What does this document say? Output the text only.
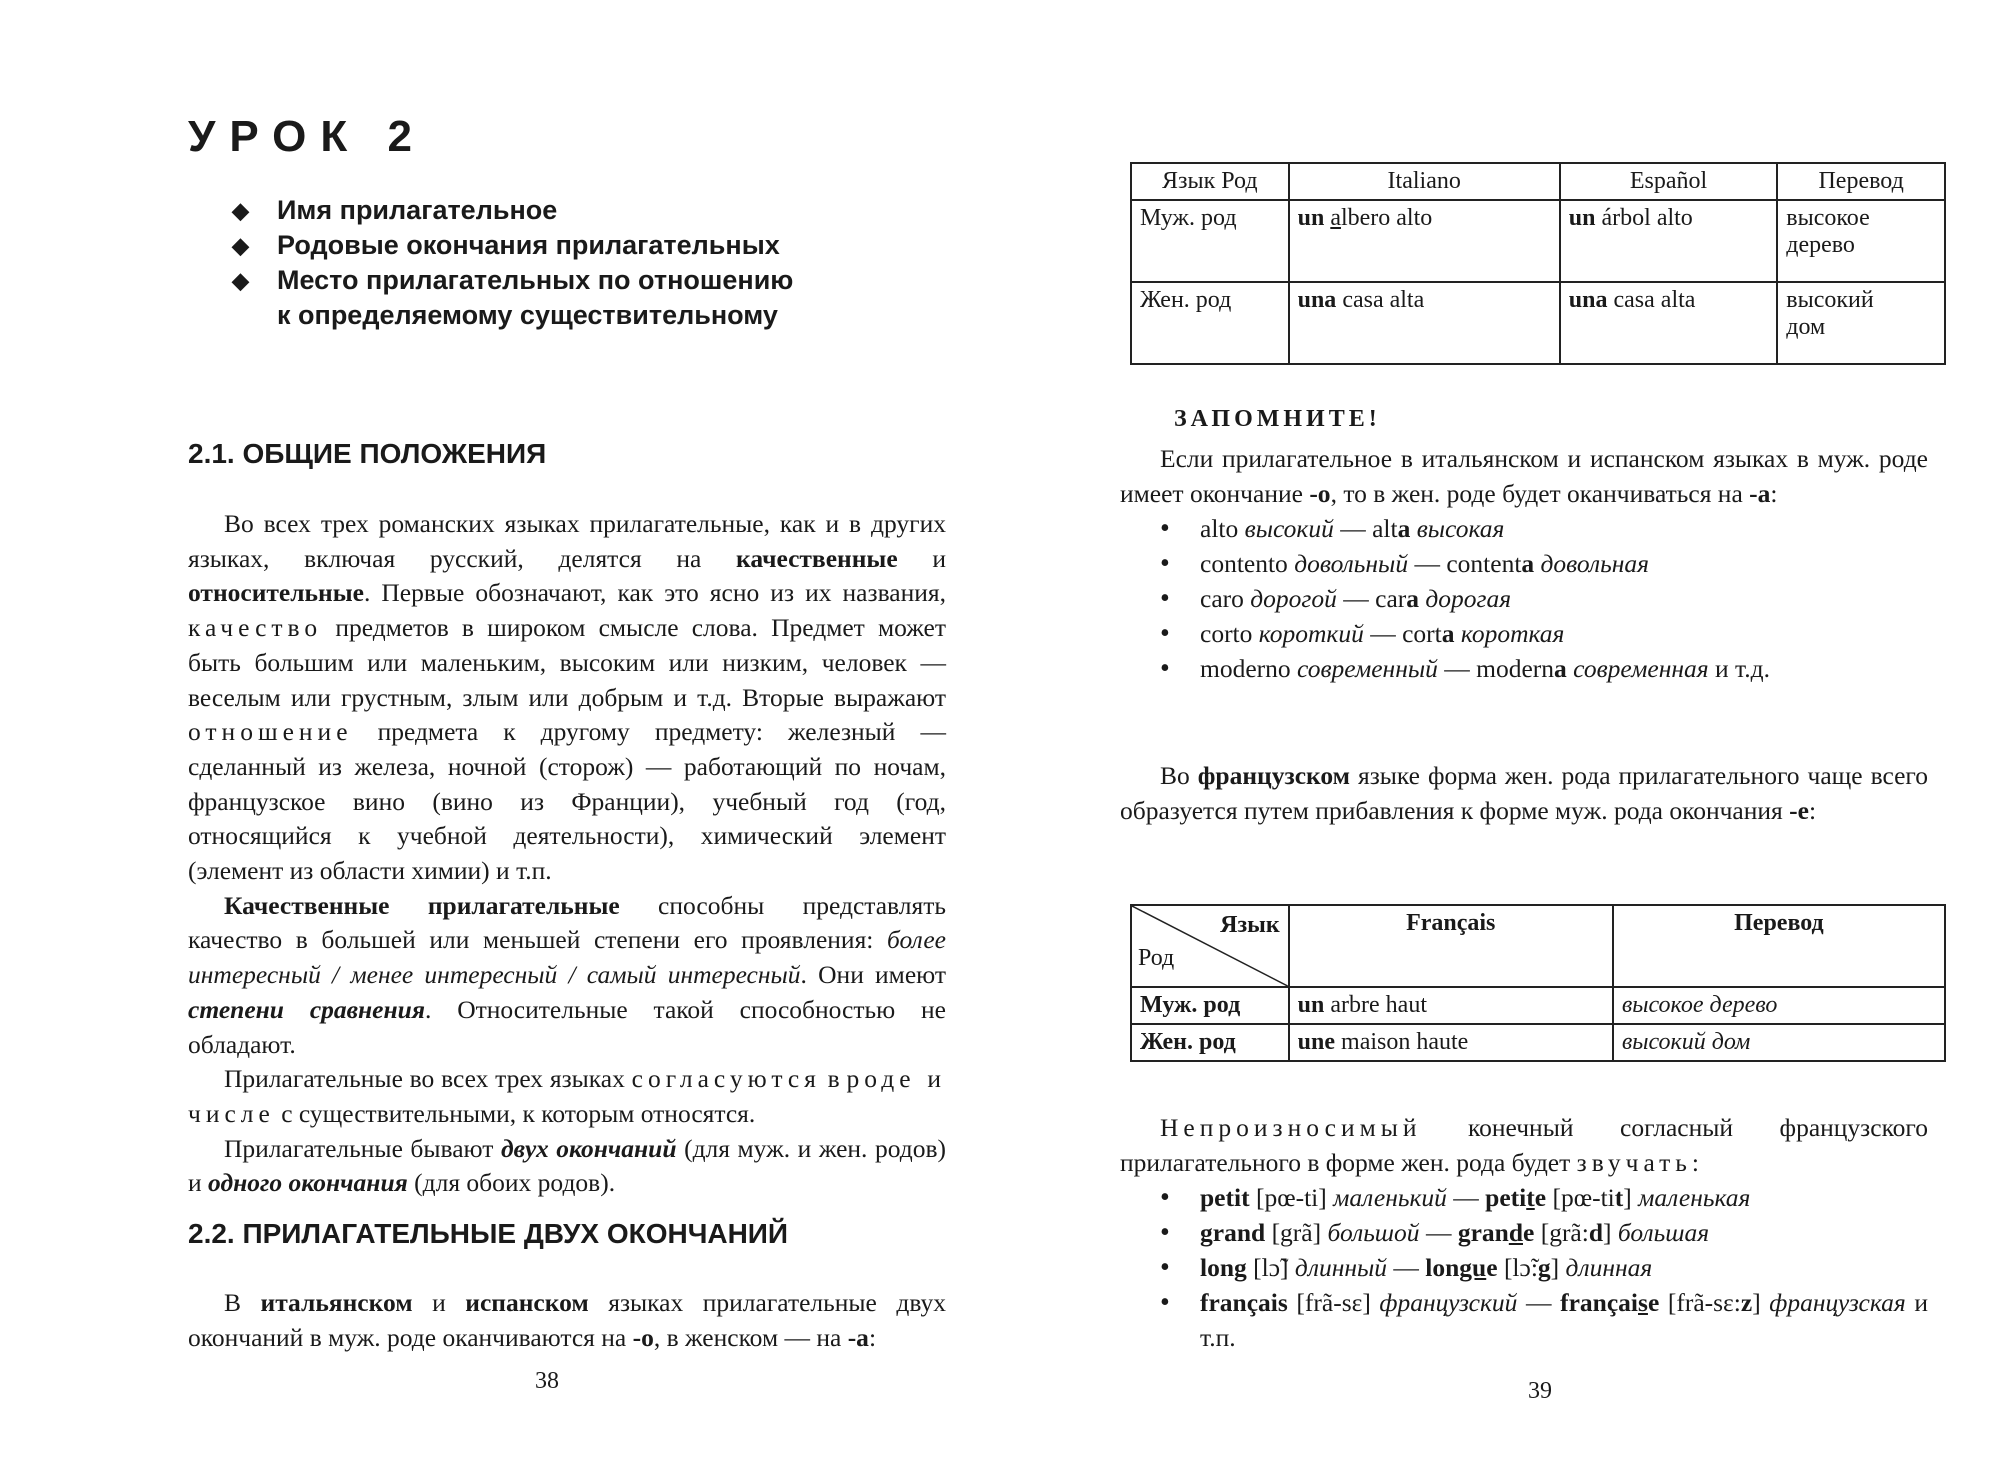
УРОК 2
◆ Имя прилагательное
◆ Родовые окончания прилагательных
◆ Место прилагательных по отношению
к определяемому существительному
2.1. ОБЩИЕ ПОЛОЖЕНИЯ

Во всех трех романских языках прилагательные, как и в других языках, включая русский, делятся на качественные и относительные. Первые обозначают, как это ясно из их названия, качество предметов в широком смысле слова. Предмет может быть большим или маленьким, высоким или низким, человек — веселым или грустным, злым или добрым и т.д. Вторые выражают отношение предмета к другому предмету: железный — сделанный из железа, ночной (сторож) — работающий по ночам, французское вино (вино из Франции), учебный год (год, относящийся к учебной деятельности), химический элемент (элемент из области химии) и т.п.

Качественные прилагательные способны представлять качество в большей или меньшей степени его проявления: более интересный / менее интересный / самый интересный. Они имеют степени сравнения. Относительные такой способностью не обладают.

Прилагательные во всех трех языках согласуются в роде и числе с существительными, к которым относятся.

Прилагательные бывают двух окончаний (для муж. и жен. родов) и одного окончания (для обоих родов).

2.2. ПРИЛАГАТЕЛЬНЫЕ ДВУХ ОКОНЧАНИЙ

В итальянском и испанском языках прилагательные двух окончаний в муж. роде оканчиваются на -о, в женском — на -а:

38
Язык Род	Italiano	Español	Перевод
Муж. род	un albero alto	un árbol alto	высокое
дерево
Жен. род	una casa alta	una casa alta	высокий
дом
ЗАПОМНИТЕ!

Если прилагательное в итальянском и испанском языках в муж. роде имеет окончание -о, то в жен. роде будет оканчиваться на -а:

• alto высокий — alta высокая
• contento довольный — contenta довольная
• caro дорогой — cara дорогая
• corto короткий — corta короткая
• moderno современный — moderna современная и т.д.

Во французском языке форма жен. рода прилагательного чаще всего образуется путем прибавления к форме муж. рода окончания -е:

Язык
Род	Français	Перевод
Муж. род	un arbre haut	высокое дерево
Жен. род	une maison haute	высокий дом

Непроизносимый конечный согласный французского прилагательного в форме жен. рода будет звучать:

• petit [pœ-ti] маленький — petite [pœ-tit] маленькая
• grand [grã] большой — grande [grã:d] большая
• long [lɔ̃] длинный — longue [lɔ̃:g] длинная
• français [frã-sɛ] французский — française [frã-sɛ:z] французская и т.п.
39
